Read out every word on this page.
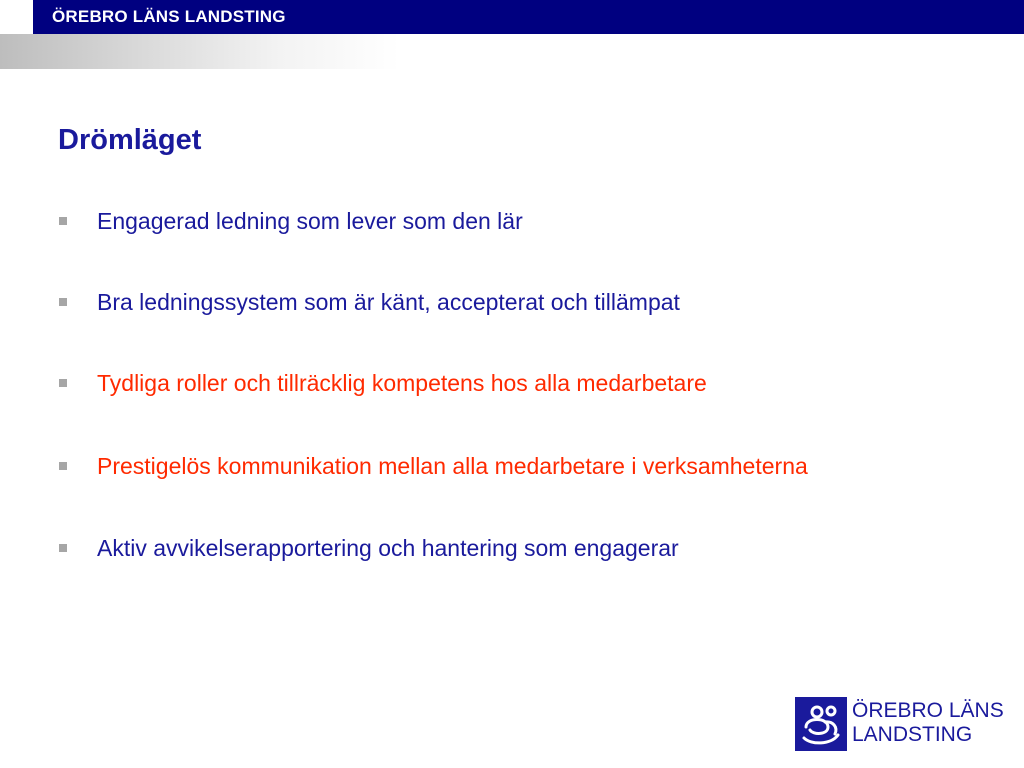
ÖREBRO LÄNS LANDSTING
Drömläget
Engagerad ledning som lever som den lär
Bra ledningssystem som är känt, accepterat och tillämpat
Tydliga roller och tillräcklig kompetens hos alla medarbetare
Prestigelös kommunikation mellan alla medarbetare i verksamheterna
Aktiv avvikelserapportering och hantering som engagerar
ÖREBRO LÄNS
LANDSTING
